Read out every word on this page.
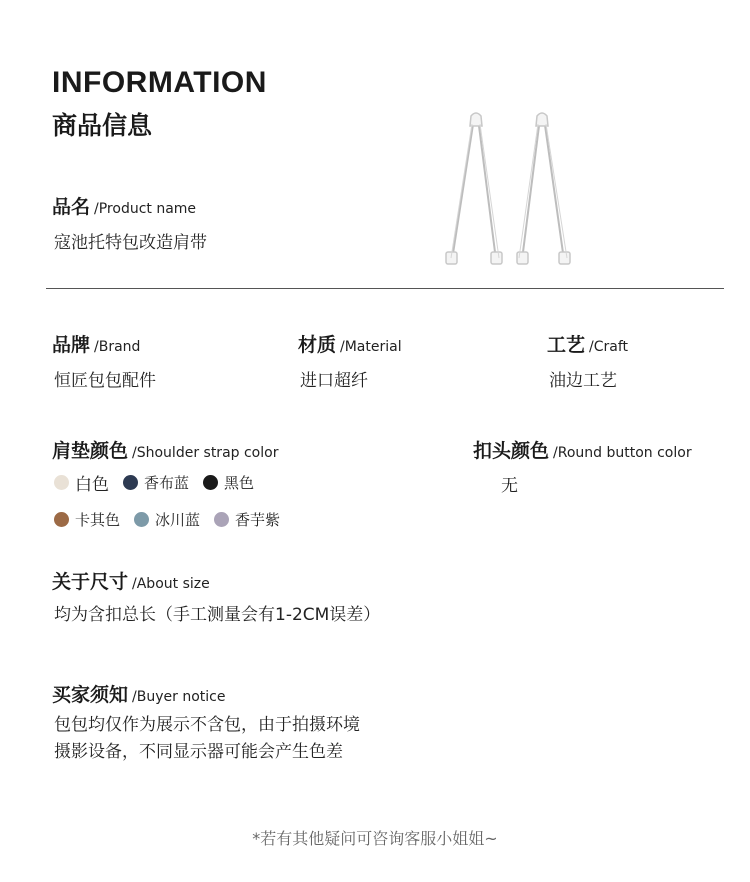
INFORMATION
商品信息
品名 /Product name
寇池托特包改造肩带
品牌 /Brand
恒匠包包配件
材质 /Material
进口超纤
工艺 /Craft
油边工艺
肩垫颜色 /Shoulder strap color
白色 香布蓝 黑色
卡其色 冰川蓝 香芋紫
扣头颜色 /Round button color
无
关于尺寸 /About size
均为含扣总长（手工测量会有1-2CM误差）
买家须知 /Buyer notice
包包均仅作为展示不含包，由于拍摄环境
摄影设备，不同显示器可能会产生色差
*若有其他疑问可咨询客服小姐姐~
